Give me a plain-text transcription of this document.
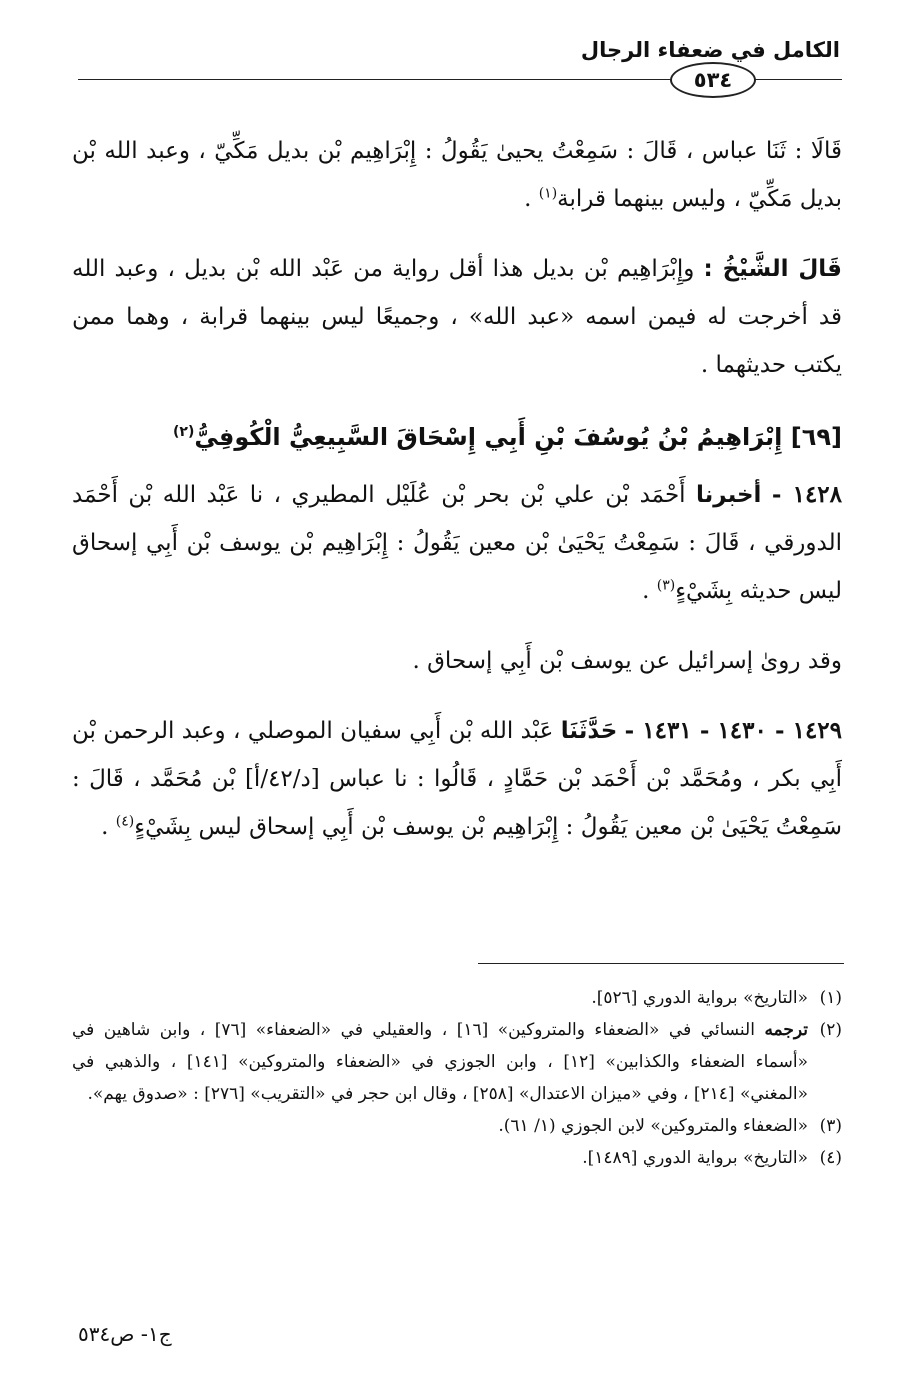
الكامل في ضعفاء الرجال
٥٣٤

قَالَا : ثَنَا عباس ، قَالَ : سَمِعْتُ يحيىٰ يَقُولُ : إِبْرَاهِيم بْن بديل مَكِّيّ ، وعبد الله بْن بديل مَكِّيّ ، وليس بينهما قرابة$^{(١)}$ .

قَالَ الشَّيْخُ : وإِبْرَاهِيم بْن بديل هذا أقل رواية من عَبْد الله بْن بديل ، وعبد الله قد أخرجت له فيمن اسمه «عبد الله» ، وجميعًا ليس بينهما قرابة ، وهما ممن يكتب حديثهما .

[٦٩] إِبْرَاهِيمُ بْنُ يُوسُفَ بْنِ أَبِي إِسْحَاقَ السَّبِيعِيُّ الْكُوفِيُّ$^{(٢)}$

١٤٢٨ - أخبرنا أَحْمَد بْن علي بْن بحر بْن عُلَيْل المطيري ، نا عَبْد الله بْن أَحْمَد الدورقي ، قَالَ : سَمِعْتُ يَحْيَىٰ بْن معين يَقُولُ : إِبْرَاهِيم بْن يوسف بْن أَبِي إسحاق ليس حديثه بِشَيْءٍ$^{(٣)}$ .

وقد روىٰ إسرائيل عن يوسف بْن أَبِي إسحاق .

١٤٢٩ - ١٤٣٠ - ١٤٣١ - حَدَّثَنَا عَبْد الله بْن أَبِي سفيان الموصلي ، وعبد الرحمن بْن أَبِي بكر ، ومُحَمَّد بْن أَحْمَد بْن حَمَّادٍ ، قَالُوا : نا عباس [د/٤٢/أ] بْن مُحَمَّد ، قَالَ : سَمِعْتُ يَحْيَىٰ بْن معين يَقُولُ : إِبْرَاهِيم بْن يوسف بْن أَبِي إسحاق ليس بِشَيْءٍ$^{(٤)}$ .

(١)«التاريخ» برواية الدوري [٥٢٦].

(٢)ترجمه النسائي في «الضعفاء والمتروكين» [١٦] ، والعقيلي في «الضعفاء» [٧٦] ، وابن شاهين في «أسماء الضعفاء والكذابين» [١٢] ، وابن الجوزي في «الضعفاء والمتروكين» [١٤١] ، والذهبي في «المغني» [٢١٤] ، وفي «ميزان الاعتدال» [٢٥٨] ، وقال ابن حجر في «التقريب» [٢٧٦] : «صدوق يهم».

(٣)«الضعفاء والمتروكين» لابن الجوزي (١/ ٦١).

(٤)«التاريخ» برواية الدوري [١٤٨٩].

ج١- ص٥٣٤
